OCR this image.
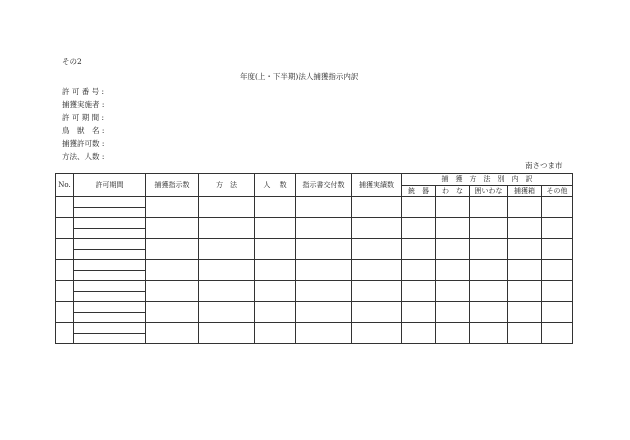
その2
年度(上・下半期)法人捕獲指示内訳
許 可 番 号 :
捕獲実施者 :
許 可 期 間 :
鳥　獣　名 :
捕獲許可数 :
方法、人数 :
南さつま市
No.	許可期間	捕獲指示数	方　法	人　 数	指示書交付数	捕獲実績数	捕　獲　方　法　別　内　訳				
							銃　器	わ　な	囲いわな	捕獲箱	その他
